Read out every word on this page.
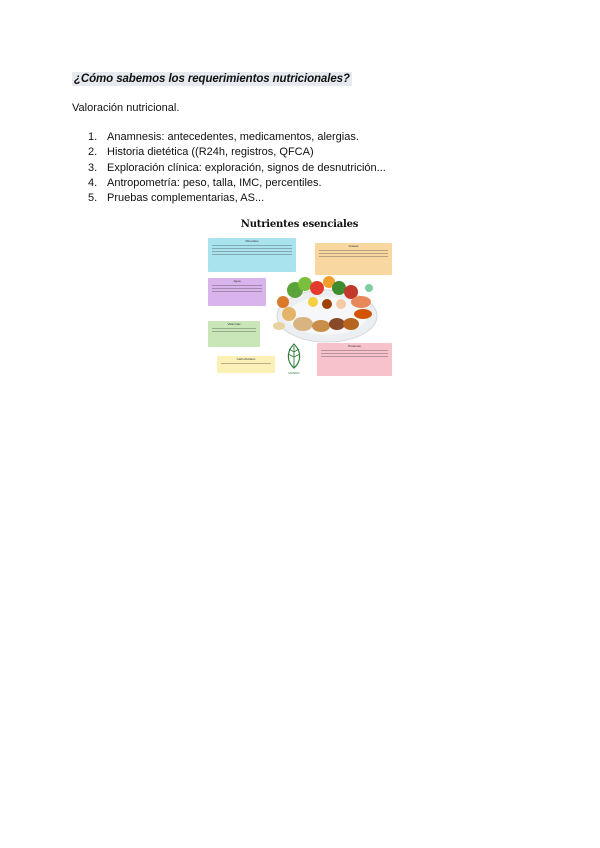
¿Cómo sabemos los requerimientos nutricionales?
Valoración nutricional.
1. Anamnesis: antecedentes, medicamentos, alergias.
2. Historia dietética ((R24h, registros, QFCA)
3. Exploración clínica: exploración, signos de desnutrición...
4. Antropometría: peso, talla, IMC, percentiles.
5. Pruebas complementarias, AS...
Nutrientes esenciales
Minerales
Grasas
Agua
Vitaminas
Carbohidratos
Proteínas
MUNDO
